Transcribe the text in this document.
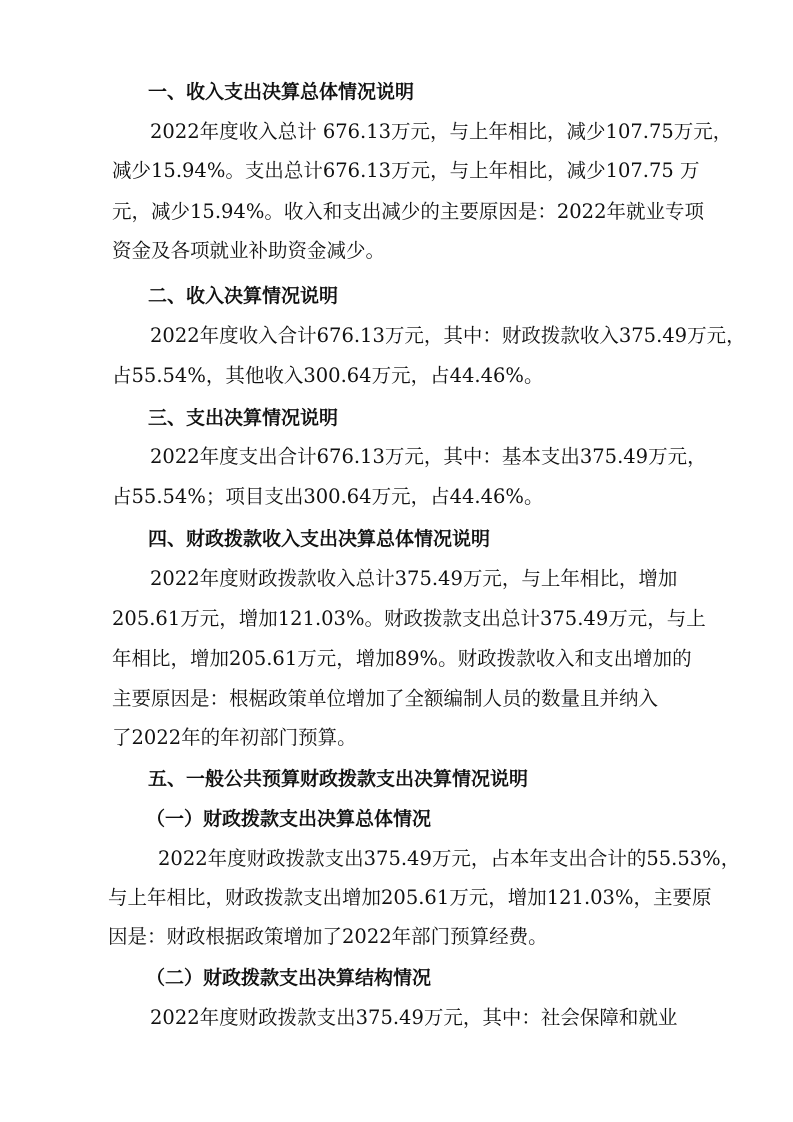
一、收入支出决算总体情况说明
2022年度收入总计 676.13万元，与上年相比，减少107.75万元，
减少15.94%。支出总计676.13万元，与上年相比，减少107.75 万
元，减少15.94%。收入和支出减少的主要原因是：2022年就业专项
资金及各项就业补助资金减少。
二、收入决算情况说明
2022年度收入合计676.13万元，其中：财政拨款收入375.49万元，
占55.54%，其他收入300.64万元，占44.46%。
三、支出决算情况说明
2022年度支出合计676.13万元，其中：基本支出375.49万元，
占55.54%；项目支出300.64万元，占44.46%。
四、财政拨款收入支出决算总体情况说明
2022年度财政拨款收入总计375.49万元，与上年相比，增加
205.61万元，增加121.03%。财政拨款支出总计375.49万元，与上
年相比，增加205.61万元，增加89%。财政拨款收入和支出增加的
主要原因是：根椐政策单位增加了全额编制人员的数量且并纳入
了2022年的年初部门预算。
五、一般公共预算财政拨款支出决算情况说明
（一）财政拨款支出决算总体情况
2022年度财政拨款支出375.49万元，占本年支出合计的55.53%，
与上年相比，财政拨款支出增加205.61万元，增加121.03%，主要原
因是：财政根据政策增加了2022年部门预算经费。
（二）财政拨款支出决算结构情况
2022年度财政拨款支出375.49万元，其中：社会保障和就业
